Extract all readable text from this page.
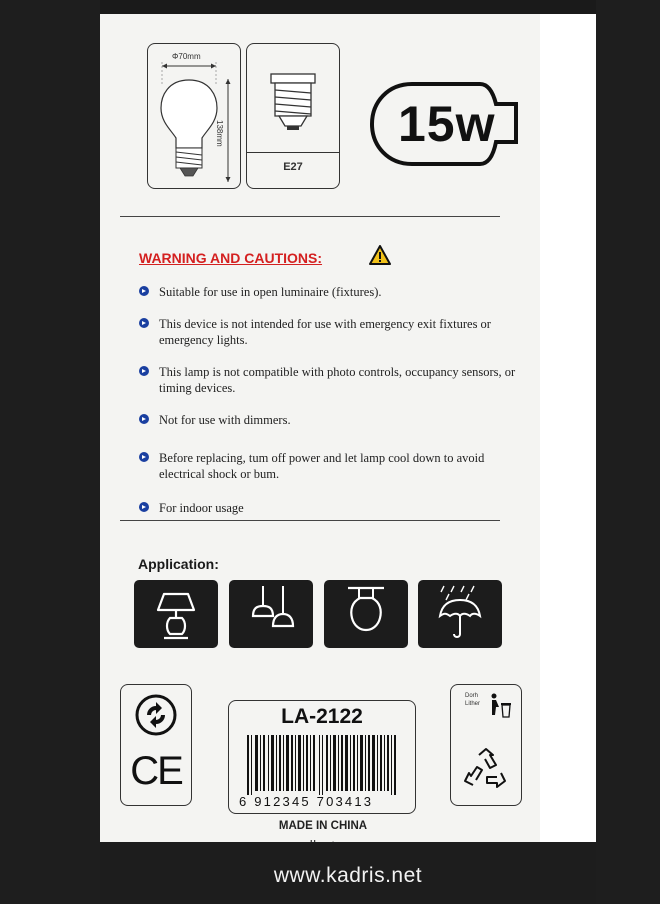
Φ70mm
138mm
E27
15w
WARNING AND CAUTIONS:
Suitable for use in open luminaire (fixtures).
This device is not intended for use with emergency exit fixtures or emergency lights.
This lamp is not compatible with photo controls, occupancy sensors, or timing devices.
Not for use with dimmers.
Before replacing, tum off power and let lamp cool down to avoid electrical shock or bum.
For indoor usage
Application:
CE
LA-2122
6 912345 703413
MADE IN CHINA
Dorh
Lither
www.kadris.net
